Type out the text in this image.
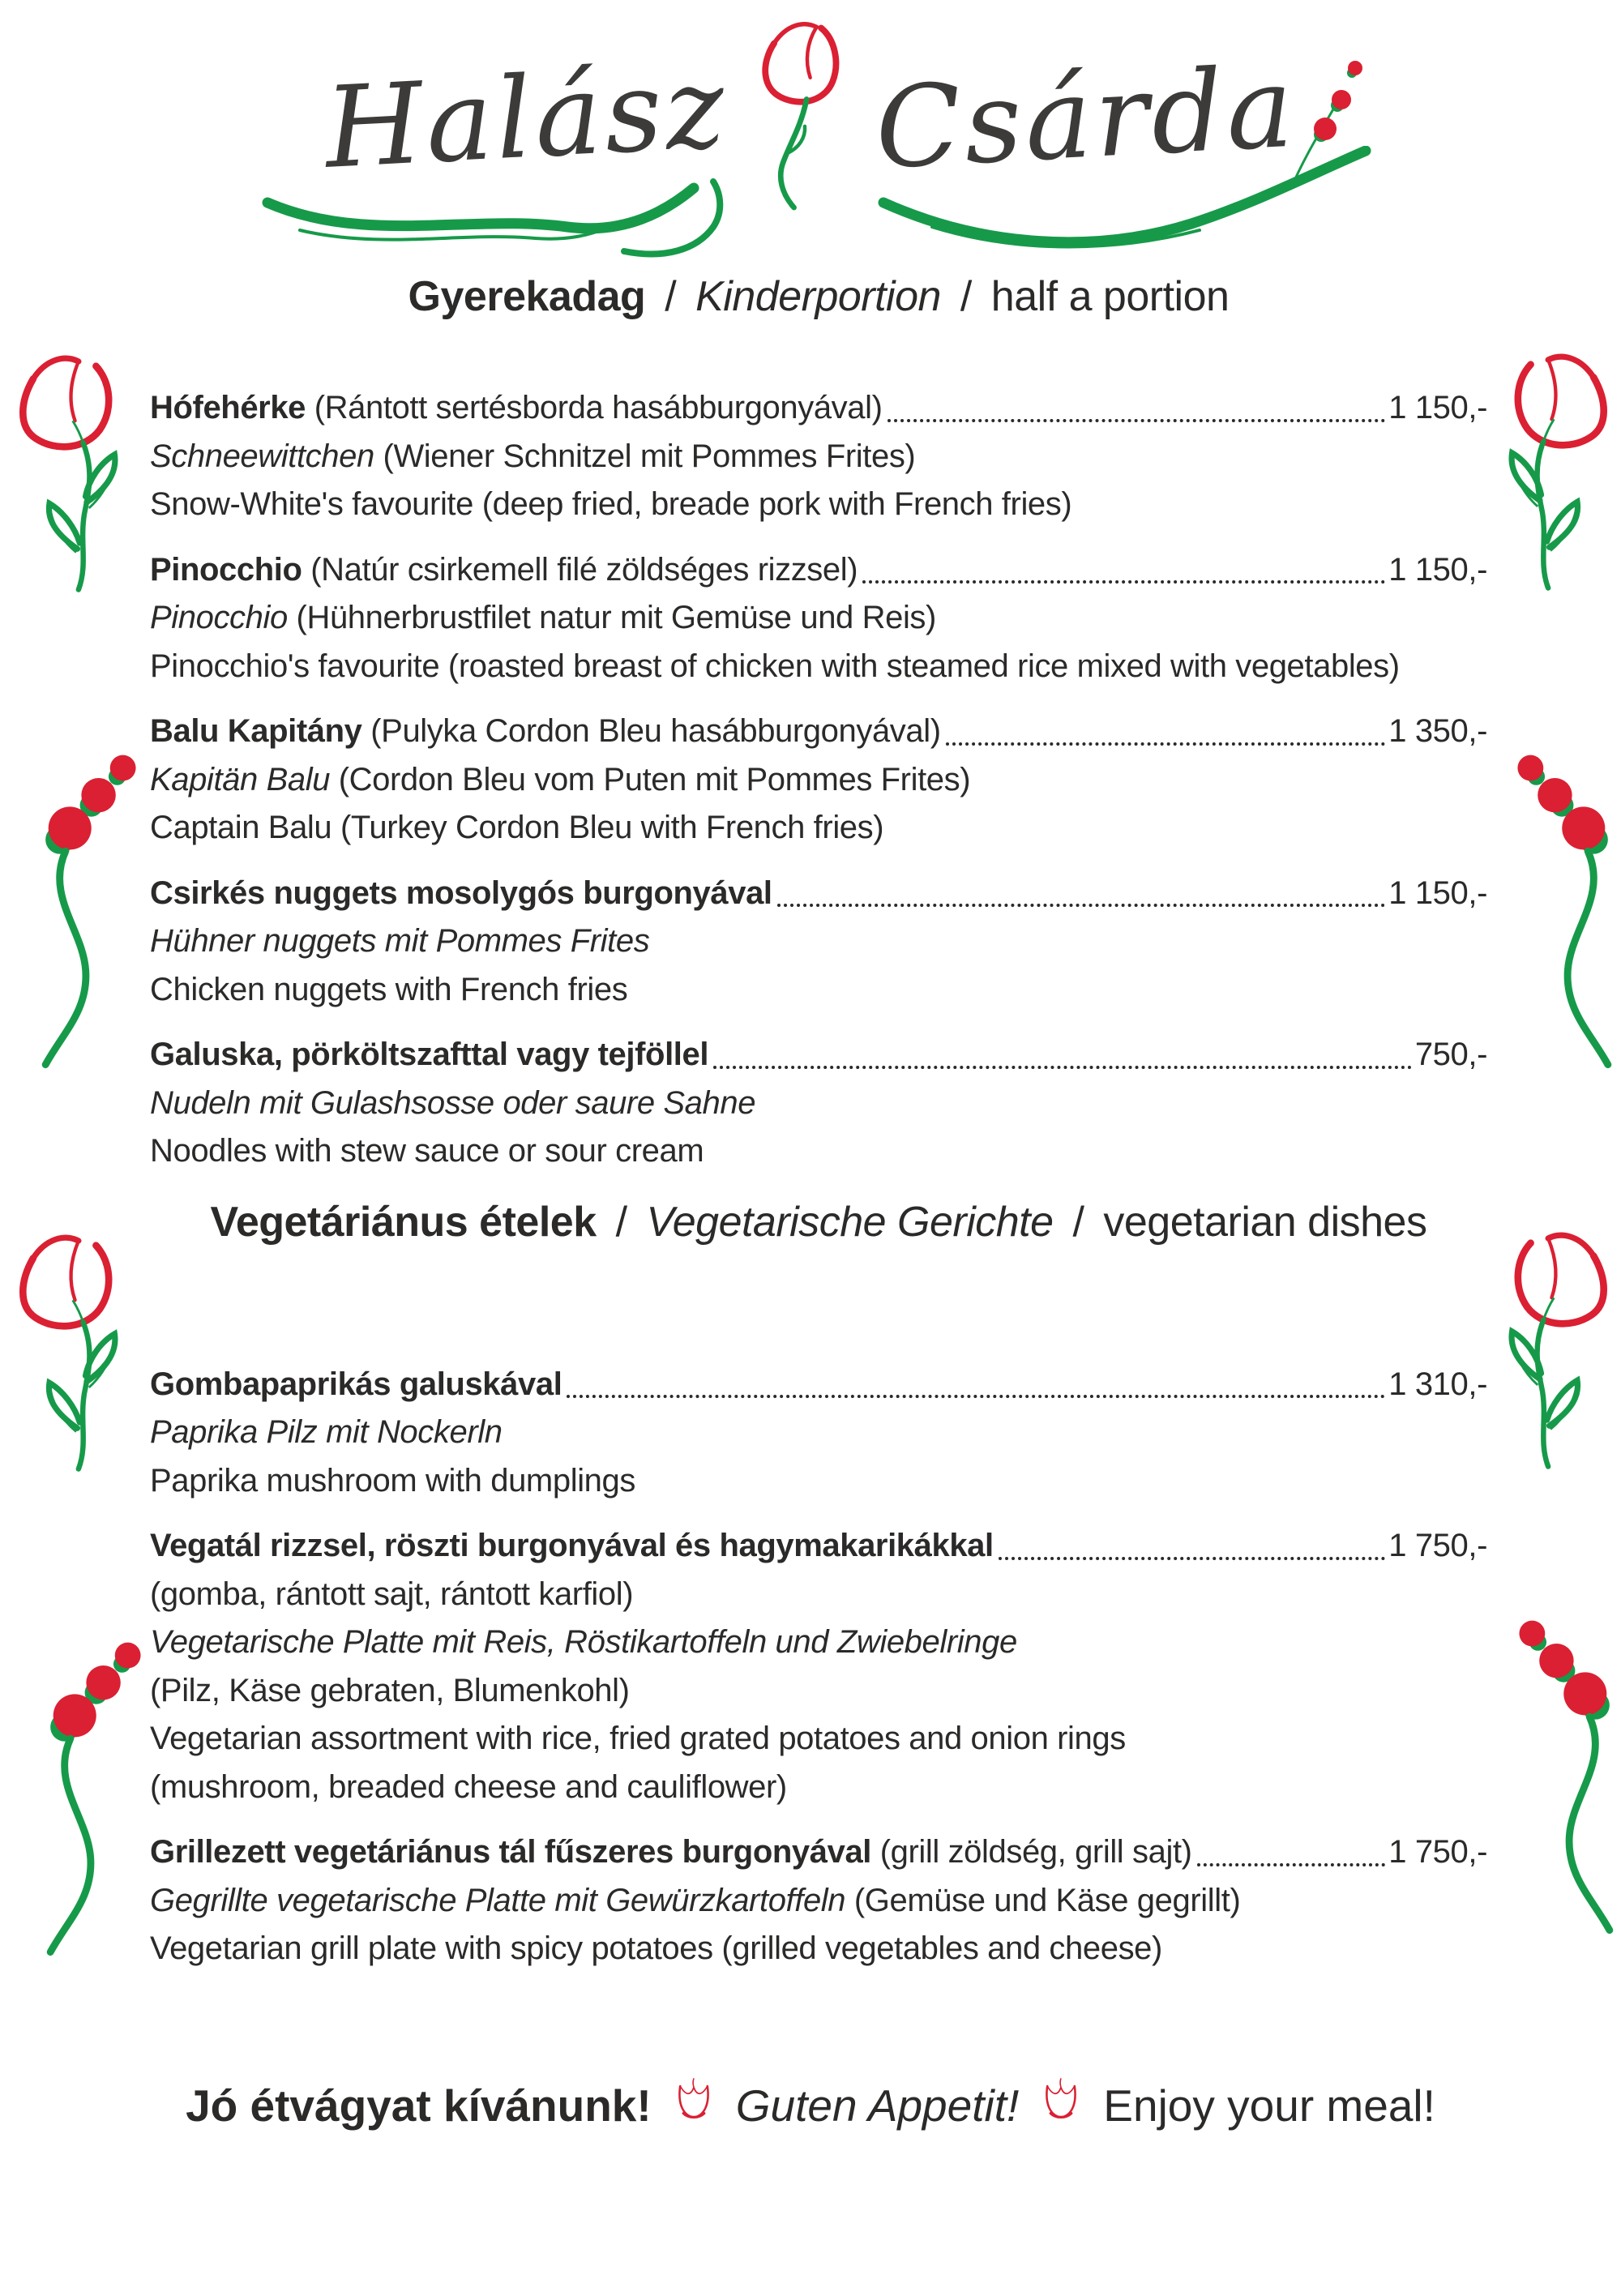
Halász Csárda
Gyerekadag / Kinderportion / half a portion
Hófehérke (Rántott sertésborda hasábburgonyával)	1 150,-
Schneewittchen (Wiener Schnitzel mit Pommes Frites)
Snow-White's favourite (deep fried, breade pork with French fries)
Pinocchio (Natúr csirkemell filé zöldséges rizzsel)	1 150,-
Pinocchio (Hühnerbrustfilet natur mit Gemüse und Reis)
Pinocchio's favourite (roasted breast of chicken with steamed rice mixed with vegetables)
Balu Kapitány (Pulyka Cordon Bleu hasábburgonyával)	1 350,-
Kapitän Balu (Cordon Bleu vom Puten mit Pommes Frites)
Captain Balu (Turkey Cordon Bleu with French fries)
Csirkés nuggets mosolygós burgonyával	1 150,-
Hühner nuggets mit Pommes Frites
Chicken nuggets with French fries
Galuska, pörköltszafttal vagy tejföllel	750,-
Nudeln mit Gulashsosse oder saure Sahne
Noodles with stew sauce or sour cream
Vegetáriánus ételek / Vegetarische Gerichte / vegetarian dishes
Gombapaprikás galuskával	1 310,-
Paprika Pilz mit Nockerln
Paprika mushroom with dumplings
Vegatál rizzsel, röszti burgonyával és hagymakarikákkal	1 750,-
(gomba, rántott sajt, rántott karfiol)
Vegetarische Platte mit Reis, Röstikartoffeln und Zwiebelringe
(Pilz, Käse gebraten, Blumenkohl)
Vegetarian assortment with rice, fried grated potatoes and onion rings
(mushroom, breaded cheese and cauliflower)
Grillezett vegetáriánus tál fűszeres burgonyával (grill zöldség, grill sajt)	1 750,-
Gegrillte vegetarische Platte mit Gewürzkartoffeln (Gemüse und Käse gegrillt)
Vegetarian grill plate with spicy potatoes (grilled vegetables and cheese)
Jó étvágyat kívánunk! Guten Appetit! Enjoy your meal!
